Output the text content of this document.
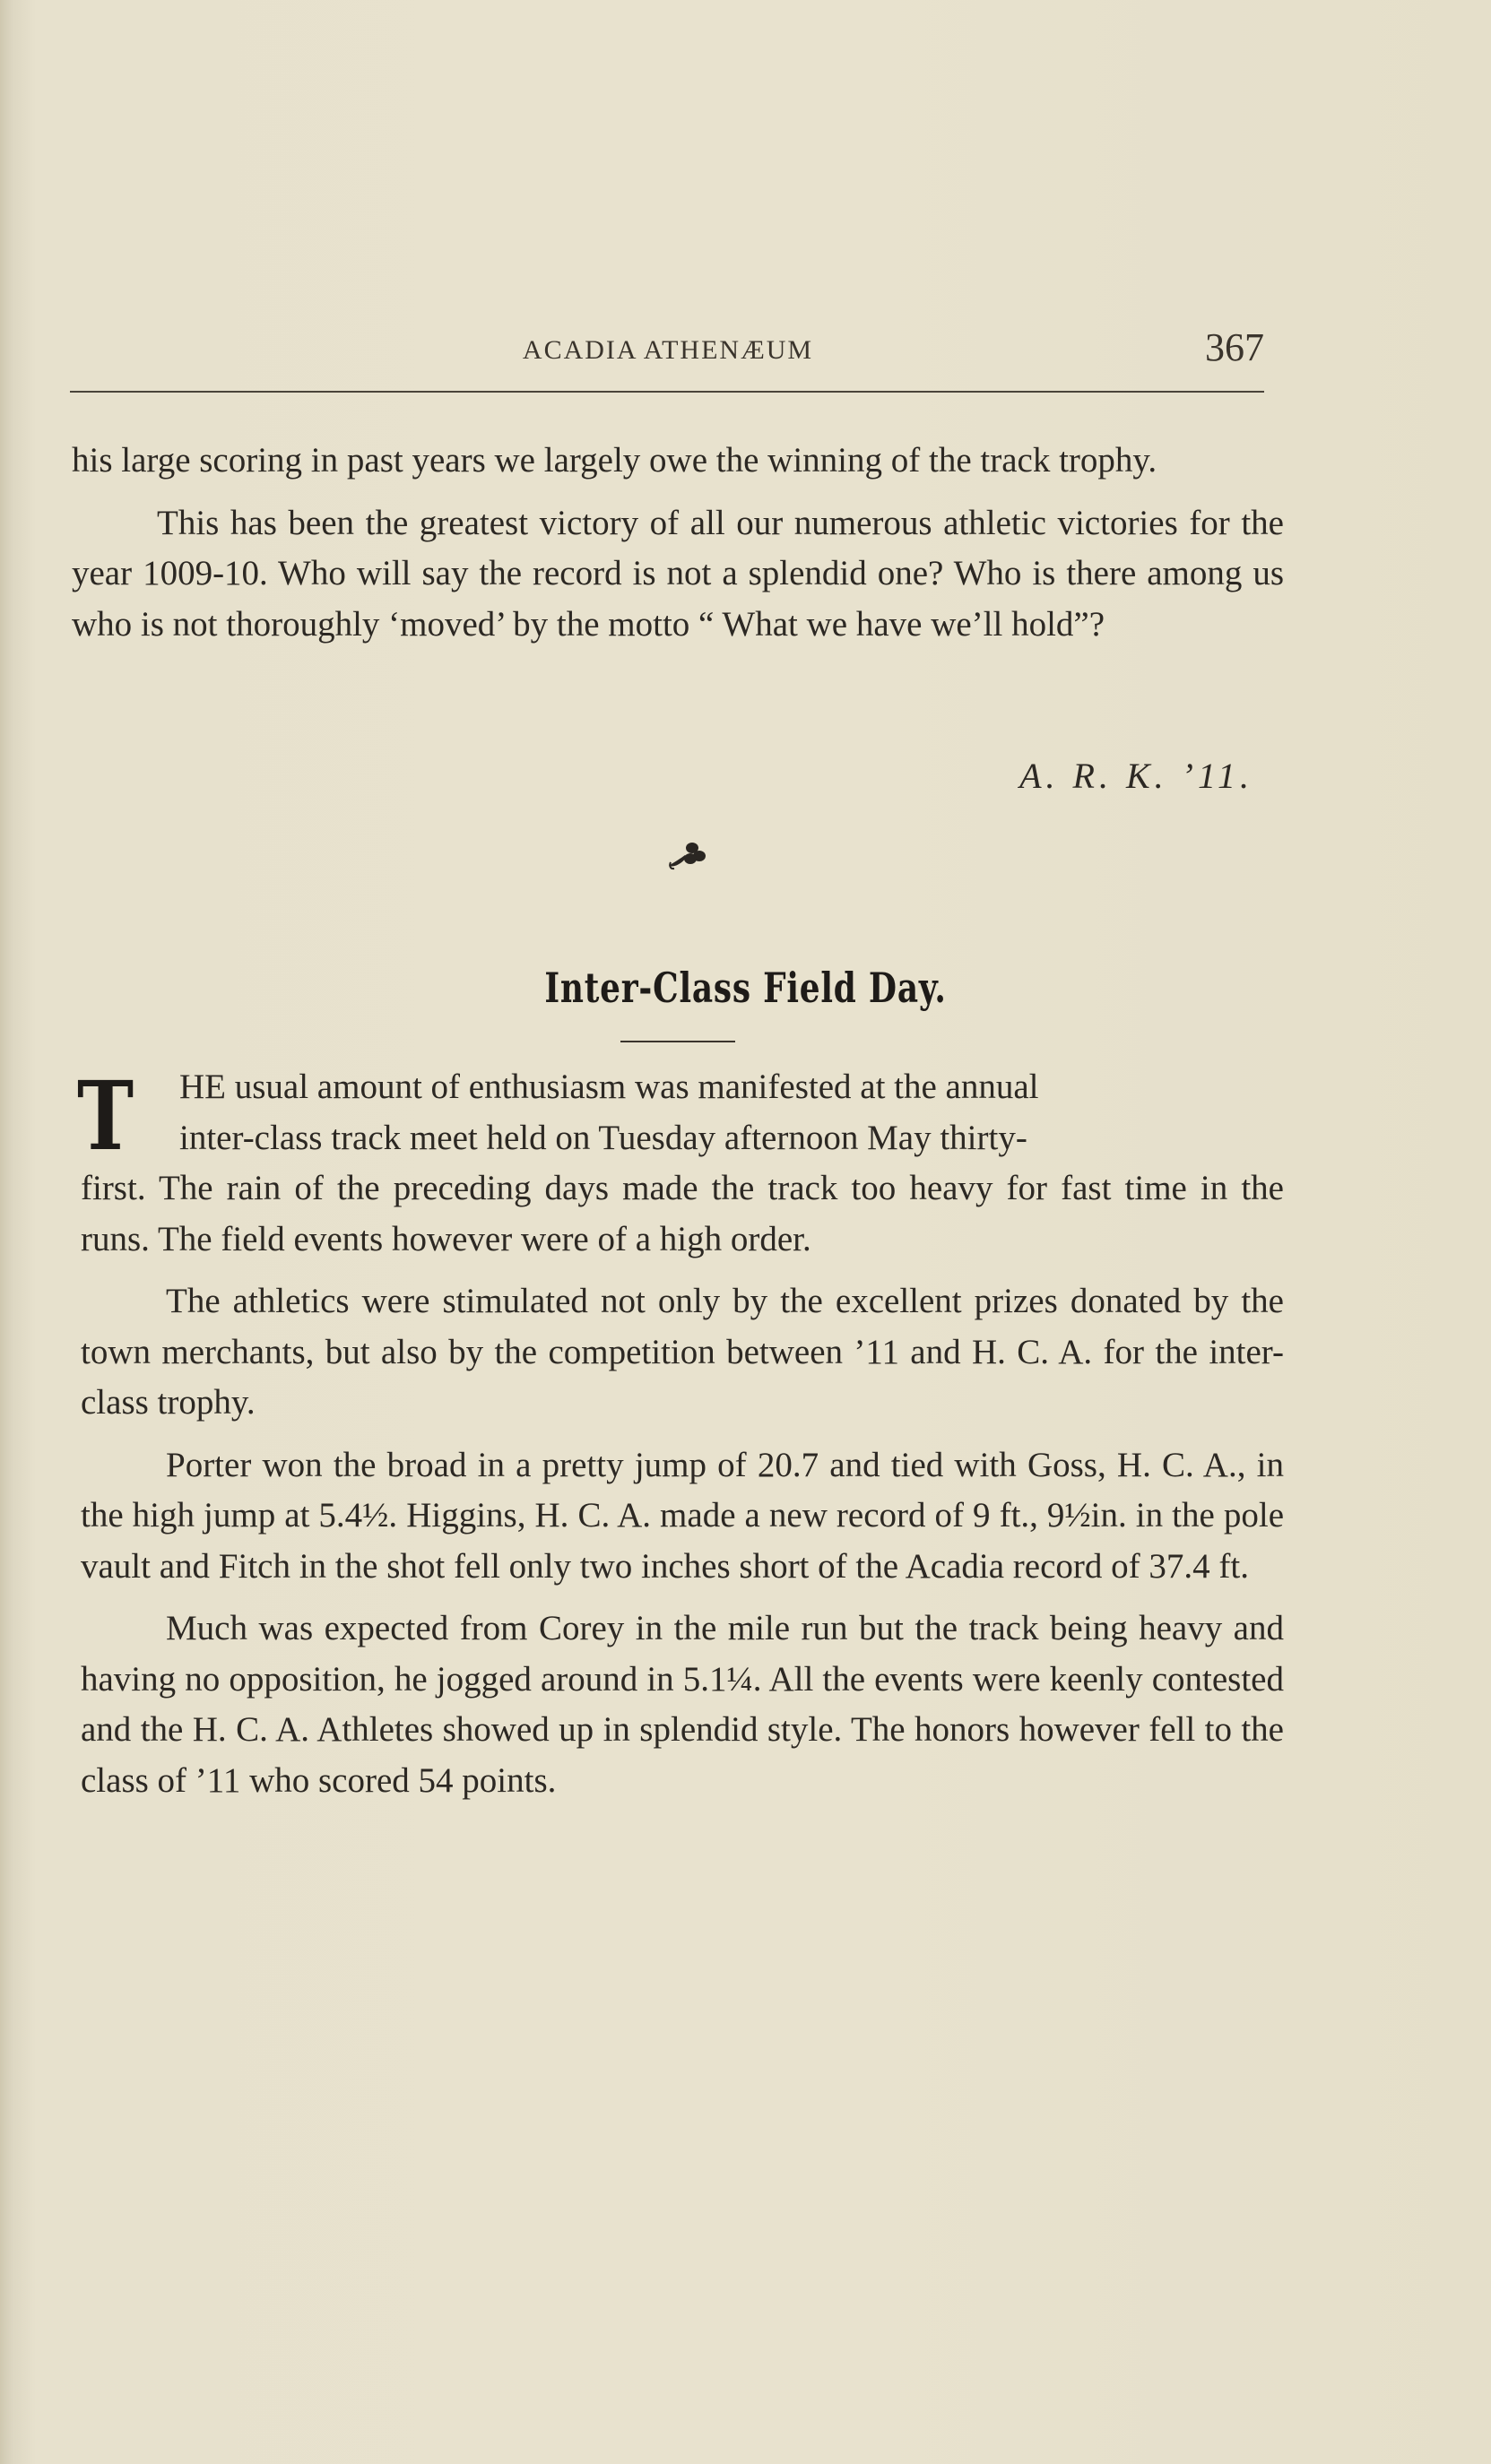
ACADIA ATHENÆUM	367

his large scoring in past years we largely owe the winning of the track trophy.

This has been the greatest victory of all our numerous athletic victories for the year 1009-10. Who will say the record is not a splendid one? Who is there among us who is not thoroughly ‘moved’ by the motto “ What we have we’ll hold”?

A. R. K. ’11.
Inter-Class Field Day.
T	HE usual amount of enthusiasm was manifested at the annual
inter-class track meet held on Tuesday afternoon May thirty-
first. The rain of the preceding days made the track too heavy for fast time in the runs. The field events however were of a high order.

The athletics were stimulated not only by the excellent prizes donated by the town merchants, but also by the competition between ’11 and H. C. A. for the inter-class trophy.

Porter won the broad in a pretty jump of 20.7 and tied with Goss, H. C. A., in the high jump at 5.4½. Higgins, H. C. A. made a new record of 9 ft., 9½in. in the pole vault and Fitch in the shot fell only two inches short of the Acadia record of 37.4 ft.

Much was expected from Corey in the mile run but the track being heavy and having no opposition, he jogged around in 5.1¼. All the events were keenly contested and the H. C. A. Athletes showed up in splendid style. The honors however fell to the class of ’11 who scored 54 points.
